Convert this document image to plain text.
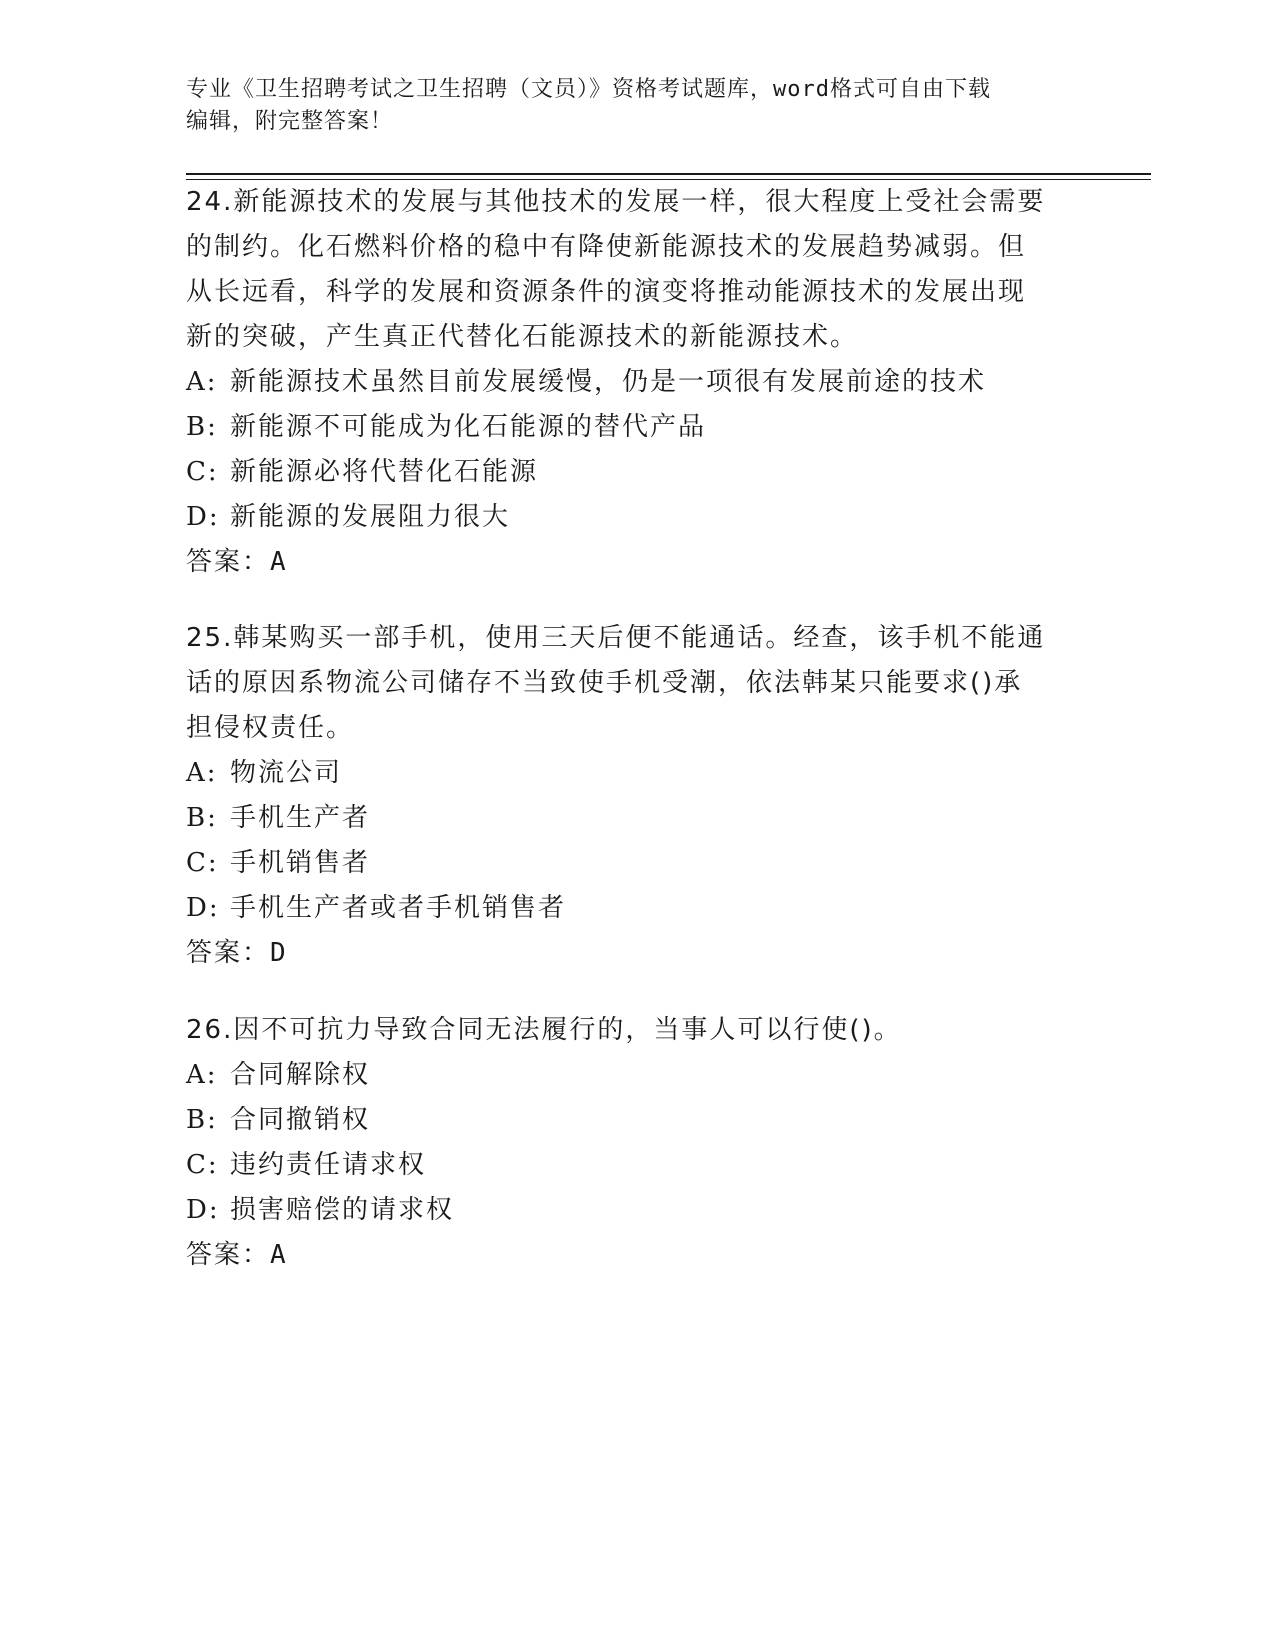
专业《卫生招聘考试之卫生招聘（文员）》资格考试题库，word格式可自由下载
编辑，附完整答案！
24.新能源技术的发展与其他技术的发展一样，很大程度上受社会需要
的制约。化石燃料价格的稳中有降使新能源技术的发展趋势减弱。但
从长远看，科学的发展和资源条件的演变将推动能源技术的发展出现
新的突破，产生真正代替化石能源技术的新能源技术。
A: 新能源技术虽然目前发展缓慢，仍是一项很有发展前途的技术
B: 新能源不可能成为化石能源的替代产品
C: 新能源必将代替化石能源
D: 新能源的发展阻力很大
答案：A
25.韩某购买一部手机，使用三天后便不能通话。经查，该手机不能通
话的原因系物流公司储存不当致使手机受潮，依法韩某只能要求()承
担侵权责任。
A: 物流公司
B: 手机生产者
C: 手机销售者
D: 手机生产者或者手机销售者
答案：D
26.因不可抗力导致合同无法履行的，当事人可以行使()。
A: 合同解除权
B: 合同撤销权
C: 违约责任请求权
D: 损害赔偿的请求权
答案：A
